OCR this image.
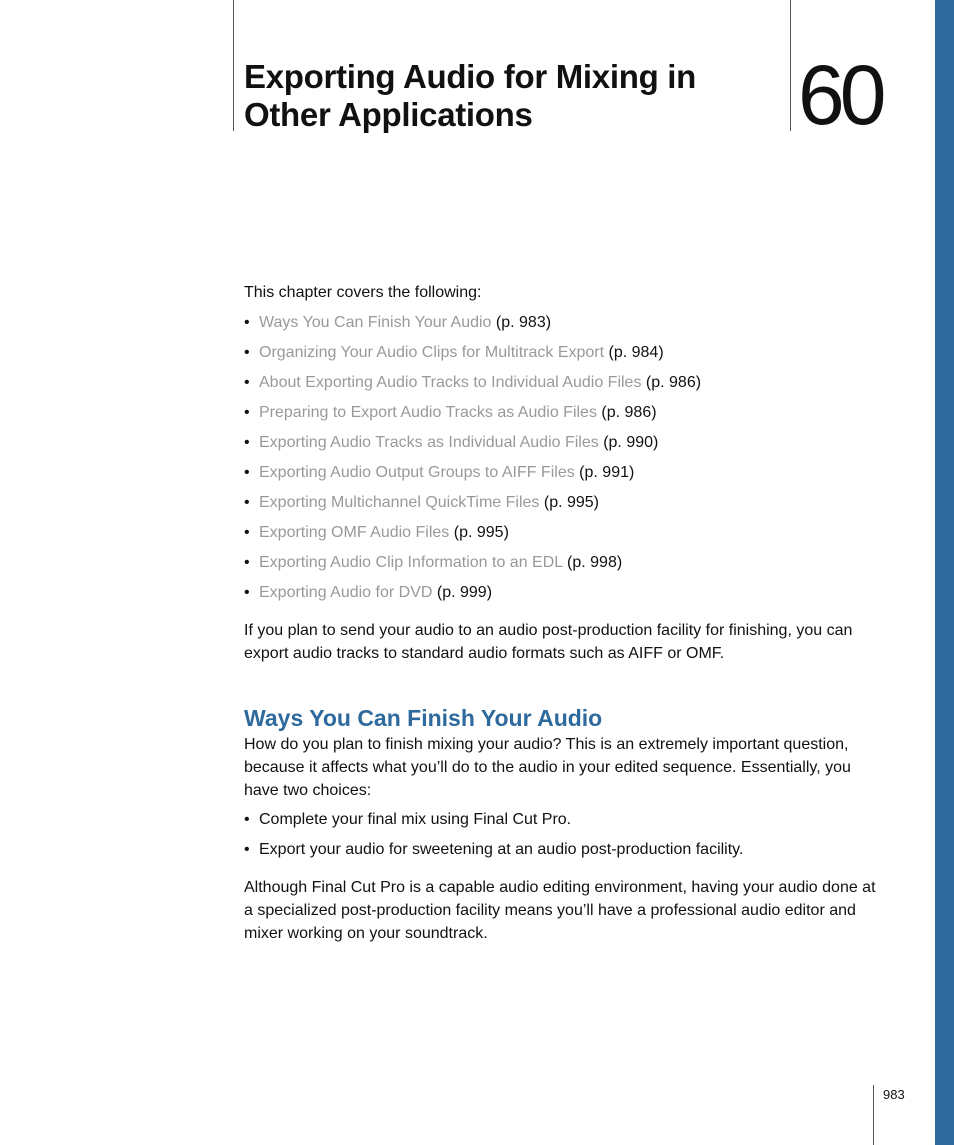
Exporting Audio for Mixing in
Other Applications	60

This chapter covers the following:

• Ways You Can Finish Your Audio (p. 983)
• Organizing Your Audio Clips for Multitrack Export (p. 984)
• About Exporting Audio Tracks to Individual Audio Files (p. 986)
• Preparing to Export Audio Tracks as Audio Files (p. 986)
• Exporting Audio Tracks as Individual Audio Files (p. 990)
• Exporting Audio Output Groups to AIFF Files (p. 991)
• Exporting Multichannel QuickTime Files (p. 995)
• Exporting OMF Audio Files (p. 995)
• Exporting Audio Clip Information to an EDL (p. 998)
• Exporting Audio for DVD (p. 999)

If you plan to send your audio to an audio post-production facility for finishing, you can export audio tracks to standard audio formats such as AIFF or OMF.

Ways You Can Finish Your Audio

How do you plan to finish mixing your audio? This is an extremely important question, because it affects what you’ll do to the audio in your edited sequence. Essentially, you have two choices:

• Complete your final mix using Final Cut Pro.
• Export your audio for sweetening at an audio post-production facility.

Although Final Cut Pro is a capable audio editing environment, having your audio done at a specialized post-production facility means you’ll have a professional audio editor and mixer working on your soundtrack.

983
